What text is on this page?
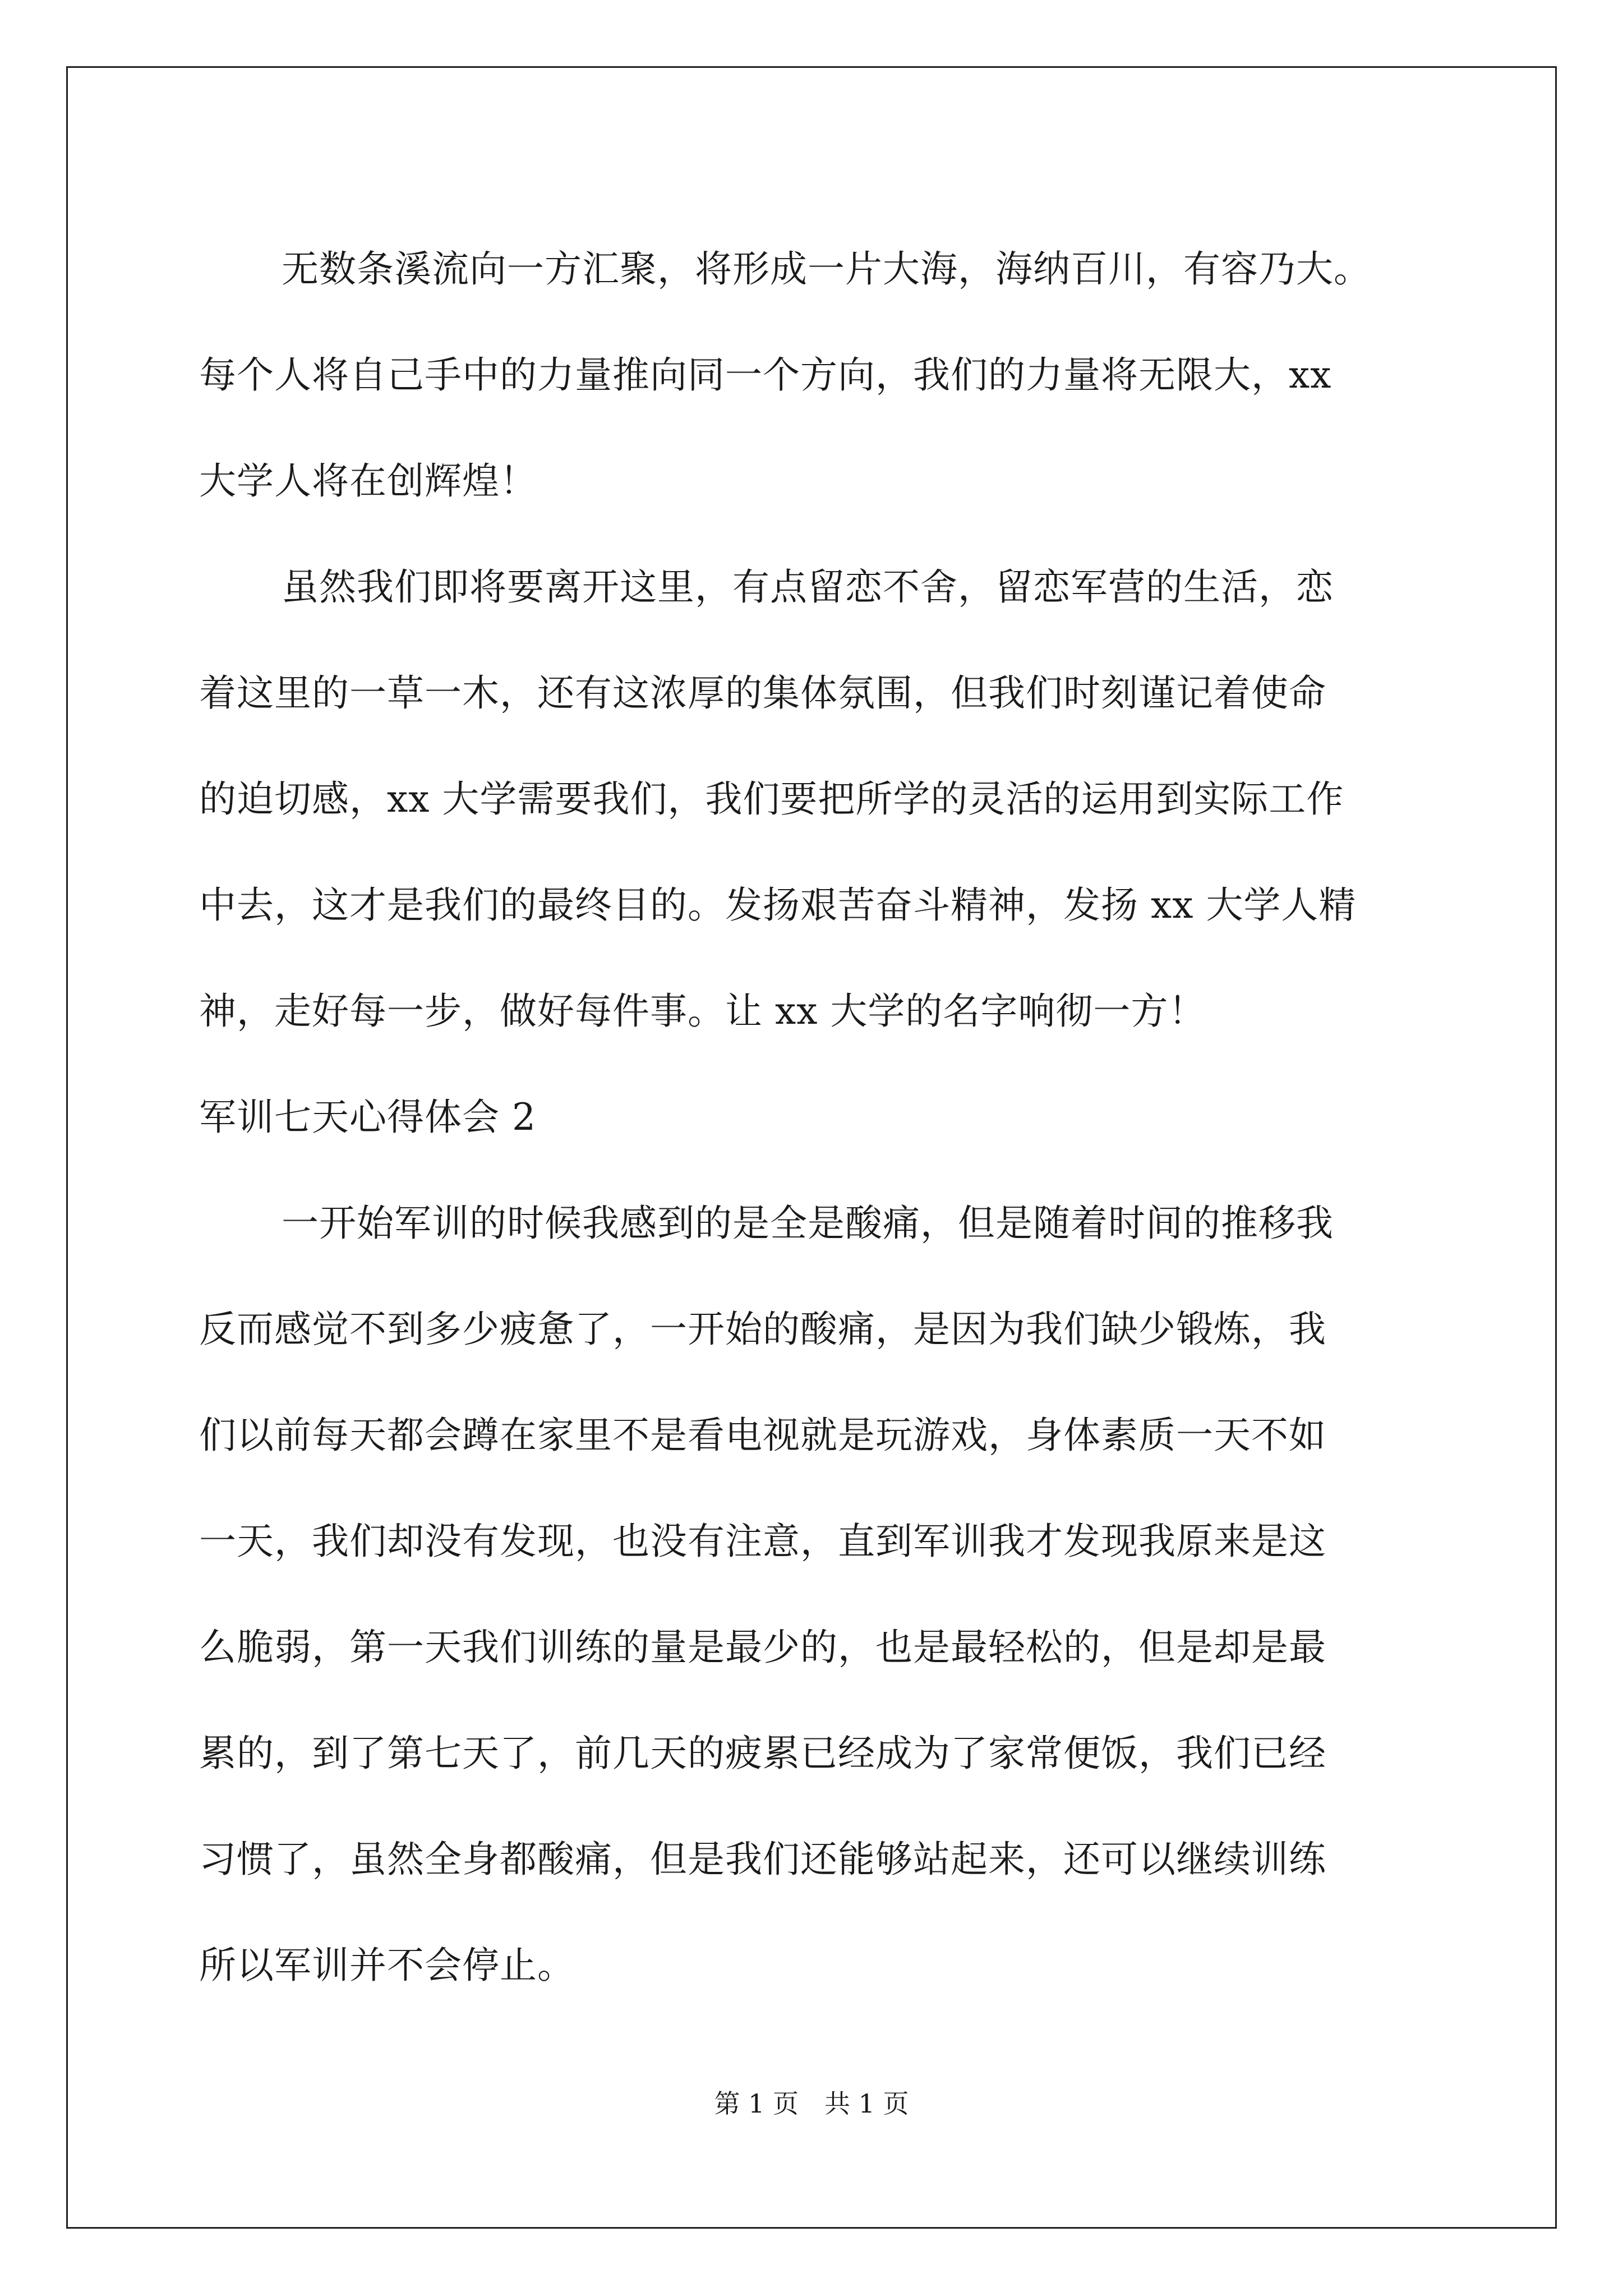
无数条溪流向一方汇聚，将形成一片大海，海纳百川，有容乃大。
每个人将自己手中的力量推向同一个方向，我们的力量将无限大，xx
大学人将在创辉煌！
虽然我们即将要离开这里，有点留恋不舍，留恋军营的生活，恋
着这里的一草一木，还有这浓厚的集体氛围，但我们时刻谨记着使命
的迫切感，xx 大学需要我们，我们要把所学的灵活的运用到实际工作
中去，这才是我们的最终目的。发扬艰苦奋斗精神，发扬 xx 大学人精
神，走好每一步，做好每件事。让 xx 大学的名字响彻一方！
军训七天心得体会 2
一开始军训的时候我感到的是全是酸痛，但是随着时间的推移我
反而感觉不到多少疲惫了，一开始的酸痛，是因为我们缺少锻炼，我
们以前每天都会蹲在家里不是看电视就是玩游戏，身体素质一天不如
一天，我们却没有发现，也没有注意，直到军训我才发现我原来是这
么脆弱，第一天我们训练的量是最少的，也是最轻松的，但是却是最
累的，到了第七天了，前几天的疲累已经成为了家常便饭，我们已经
习惯了，虽然全身都酸痛，但是我们还能够站起来，还可以继续训练
所以军训并不会停止。
第 1 页　共 1 页
